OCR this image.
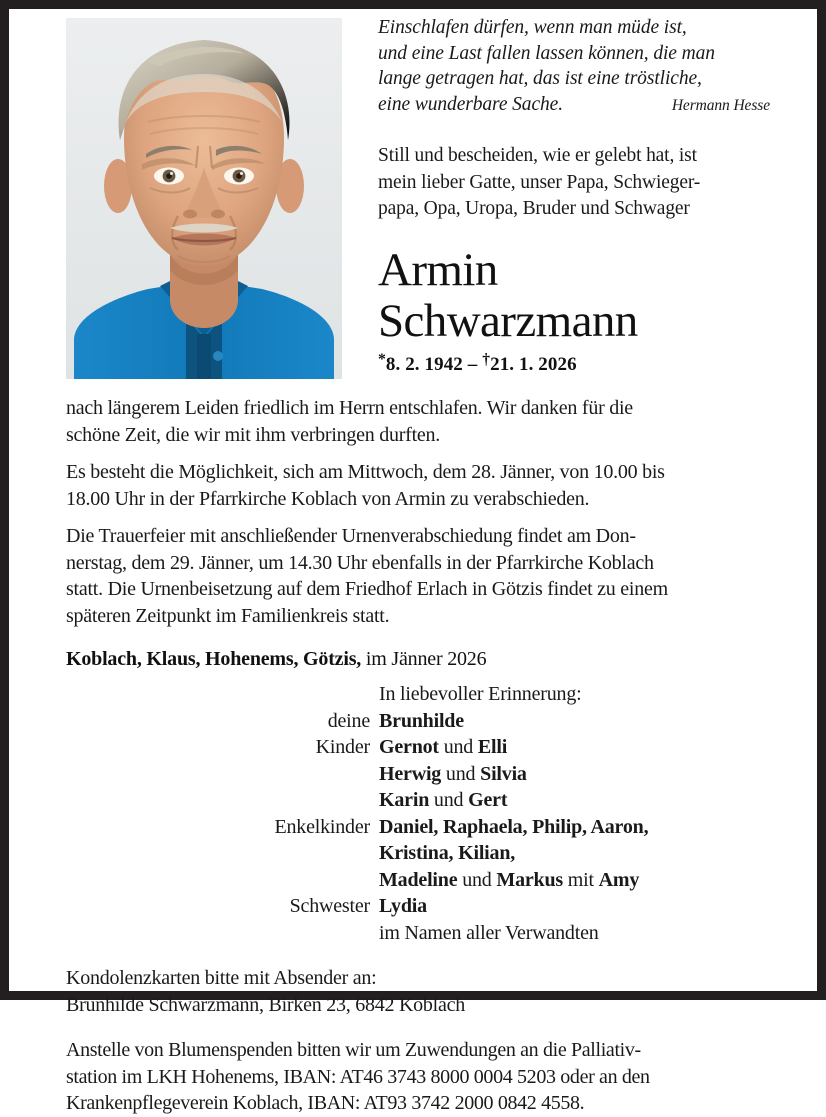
Einschlafen dürfen, wenn man müde ist,
und eine Last fallen lassen können, die man
lange getragen hat, das ist eine tröstliche,
eine wunderbare Sache.	Hermann Hesse
Still und bescheiden, wie er gelebt hat, ist
mein lieber Gatte, unser Papa, Schwieger-
papa, Opa, Uropa, Bruder und Schwager
Armin
Schwarzmann
*8. 2. 1942 – †21. 1. 2026
nach längerem Leiden friedlich im Herrn entschlafen. Wir danken für die
schöne Zeit, die wir mit ihm verbringen durften.
Es besteht die Möglichkeit, sich am Mittwoch, dem 28. Jänner, von 10.00 bis
18.00 Uhr in der Pfarrkirche Koblach von Armin zu verabschieden.
Die Trauerfeier mit anschließender Urnenverabschiedung findet am Don-
nerstag, dem 29. Jänner, um 14.30 Uhr ebenfalls in der Pfarrkirche Koblach
statt. Die Urnenbeisetzung auf dem Friedhof Erlach in Götzis findet zu einem
späteren Zeitpunkt im Familienkreis statt.
Koblach, Klaus, Hohenems, Götzis, im Jänner 2026
In liebevoller Erinnerung:
deine Brunhilde
Kinder Gernot und Elli
Herwig und Silvia
Karin und Gert
Enkelkinder Daniel, Raphaela, Philip, Aaron,
Kristina, Kilian,
Madeline und Markus mit Amy
Schwester Lydia
im Namen aller Verwandten
Kondolenzkarten bitte mit Absender an:
Brunhilde Schwarzmann, Birken 23, 6842 Koblach
Anstelle von Blumenspenden bitten wir um Zuwendungen an die Palliativ-
station im LKH Hohenems, IBAN: AT46 3743 8000 0004 5203 oder an den
Krankenpflegeverein Koblach, IBAN: AT93 3742 2000 0842 4558.
